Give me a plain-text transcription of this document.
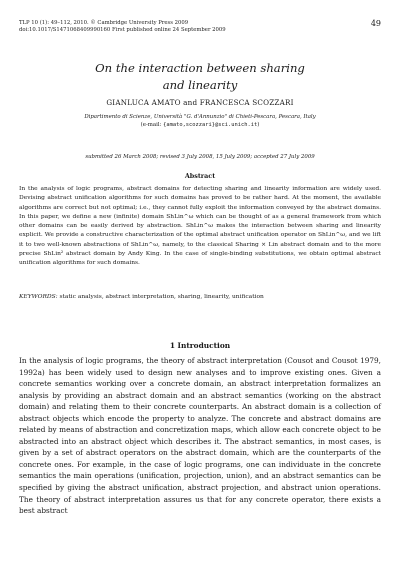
TLP 10 (1): 49–112, 2010. © Cambridge University Press 2009
doi:10.1017/S1471068409990160 First published online 24 September 2009
49
On the interaction between sharing
and linearity
GIANLUCA AMATO and FRANCESCA SCOZZARI
Dipartimento di Scienze, Università "G. d'Annunzio" di Chieti-Pescara, Pescara, Italy
(e-mail: {amato,scozzari}@sci.unich.it)
submitted 26 March 2008; revised 3 July 2008, 15 July 2009; accepted 27 July 2009
Abstract
In the analysis of logic programs, abstract domains for detecting sharing and linearity information are widely used. Devising abstract unification algorithms for such domains has proved to be rather hard. At the moment, the available algorithms are correct but not optimal; i.e., they cannot fully exploit the information conveyed by the abstract domains. In this paper, we define a new (infinite) domain ShLin^ω which can be thought of as a general framework from which other domains can be easily derived by abstraction. ShLin^ω makes the interaction between sharing and linearity explicit. We provide a constructive characterization of the optimal abstract unification operator on ShLin^ω, and we lift it to two well-known abstractions of ShLin^ω, namely, to the classical Sharing × Lin abstract domain and to the more precise ShLin² abstract domain by Andy King. In the case of single-binding substitutions, we obtain optimal abstract unification algorithms for such domains.
KEYWORDS: static analysis, abstract interpretation, sharing, linearity, unification
1 Introduction
In the analysis of logic programs, the theory of abstract interpretation (Cousot and Cousot 1979, 1992a) has been widely used to design new analyses and to improve existing ones. Given a concrete semantics working over a concrete domain, an abstract interpretation formalizes an analysis by providing an abstract domain and an abstract semantics (working on the abstract domain) and relating them to their concrete counterparts. An abstract domain is a collection of abstract objects which encode the property to analyze. The concrete and abstract domains are related by means of abstraction and concretization maps, which allow each concrete object to be abstracted into an abstract object which describes it. The abstract semantics, in most cases, is given by a set of abstract operators on the abstract domain, which are the counterparts of the concrete ones. For example, in the case of logic programs, one can individuate in the concrete semantics the main operations (unification, projection, union), and an abstract semantics can be specified by giving the abstract unification, abstract projection, and abstract union operations. The theory of abstract interpretation assures us that for any concrete operator, there exists a best abstract
